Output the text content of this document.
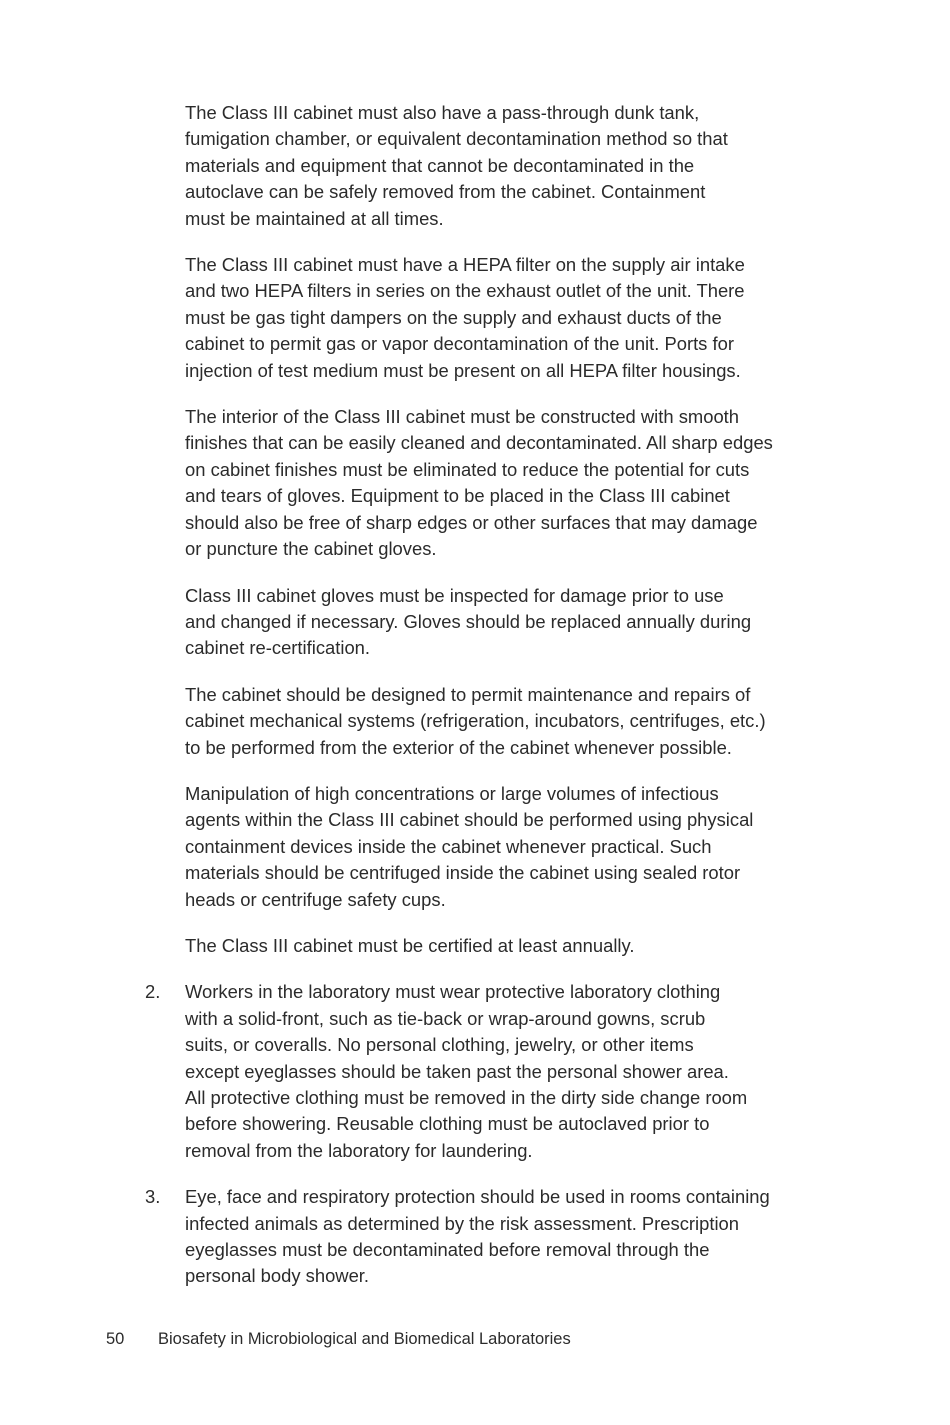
The Class III cabinet must also have a pass-through dunk tank,
fumigation chamber, or equivalent decontamination method so that
materials and equipment that cannot be decontaminated in the
autoclave can be safely removed from the cabinet. Containment
must be maintained at all times.

The Class III cabinet must have a HEPA filter on the supply air intake
and two HEPA filters in series on the exhaust outlet of the unit. There
must be gas tight dampers on the supply and exhaust ducts of the
cabinet to permit gas or vapor decontamination of the unit. Ports for
injection of test medium must be present on all HEPA filter housings.

The interior of the Class III cabinet must be constructed with smooth
finishes that can be easily cleaned and decontaminated. All sharp edges
on cabinet finishes must be eliminated to reduce the potential for cuts
and tears of gloves. Equipment to be placed in the Class III cabinet
should also be free of sharp edges or other surfaces that may damage
or puncture the cabinet gloves.

Class III cabinet gloves must be inspected for damage prior to use
and changed if necessary. Gloves should be replaced annually during
cabinet re-certification.

The cabinet should be designed to permit maintenance and repairs of
cabinet mechanical systems (refrigeration, incubators, centrifuges, etc.)
to be performed from the exterior of the cabinet whenever possible.

Manipulation of high concentrations or large volumes of infectious
agents within the Class III cabinet should be performed using physical
containment devices inside the cabinet whenever practical. Such
materials should be centrifuged inside the cabinet using sealed rotor
heads or centrifuge safety cups.

The Class III cabinet must be certified at least annually.

2. Workers in the laboratory must wear protective laboratory clothing
with a solid-front, such as tie-back or wrap-around gowns, scrub
suits, or coveralls. No personal clothing, jewelry, or other items
except eyeglasses should be taken past the personal shower area.
All protective clothing must be removed in the dirty side change room
before showering. Reusable clothing must be autoclaved prior to
removal from the laboratory for laundering.
3. Eye, face and respiratory protection should be used in rooms containing
infected animals as determined by the risk assessment. Prescription
eyeglasses must be decontaminated before removal through the
personal body shower.
50 Biosafety in Microbiological and Biomedical Laboratories
